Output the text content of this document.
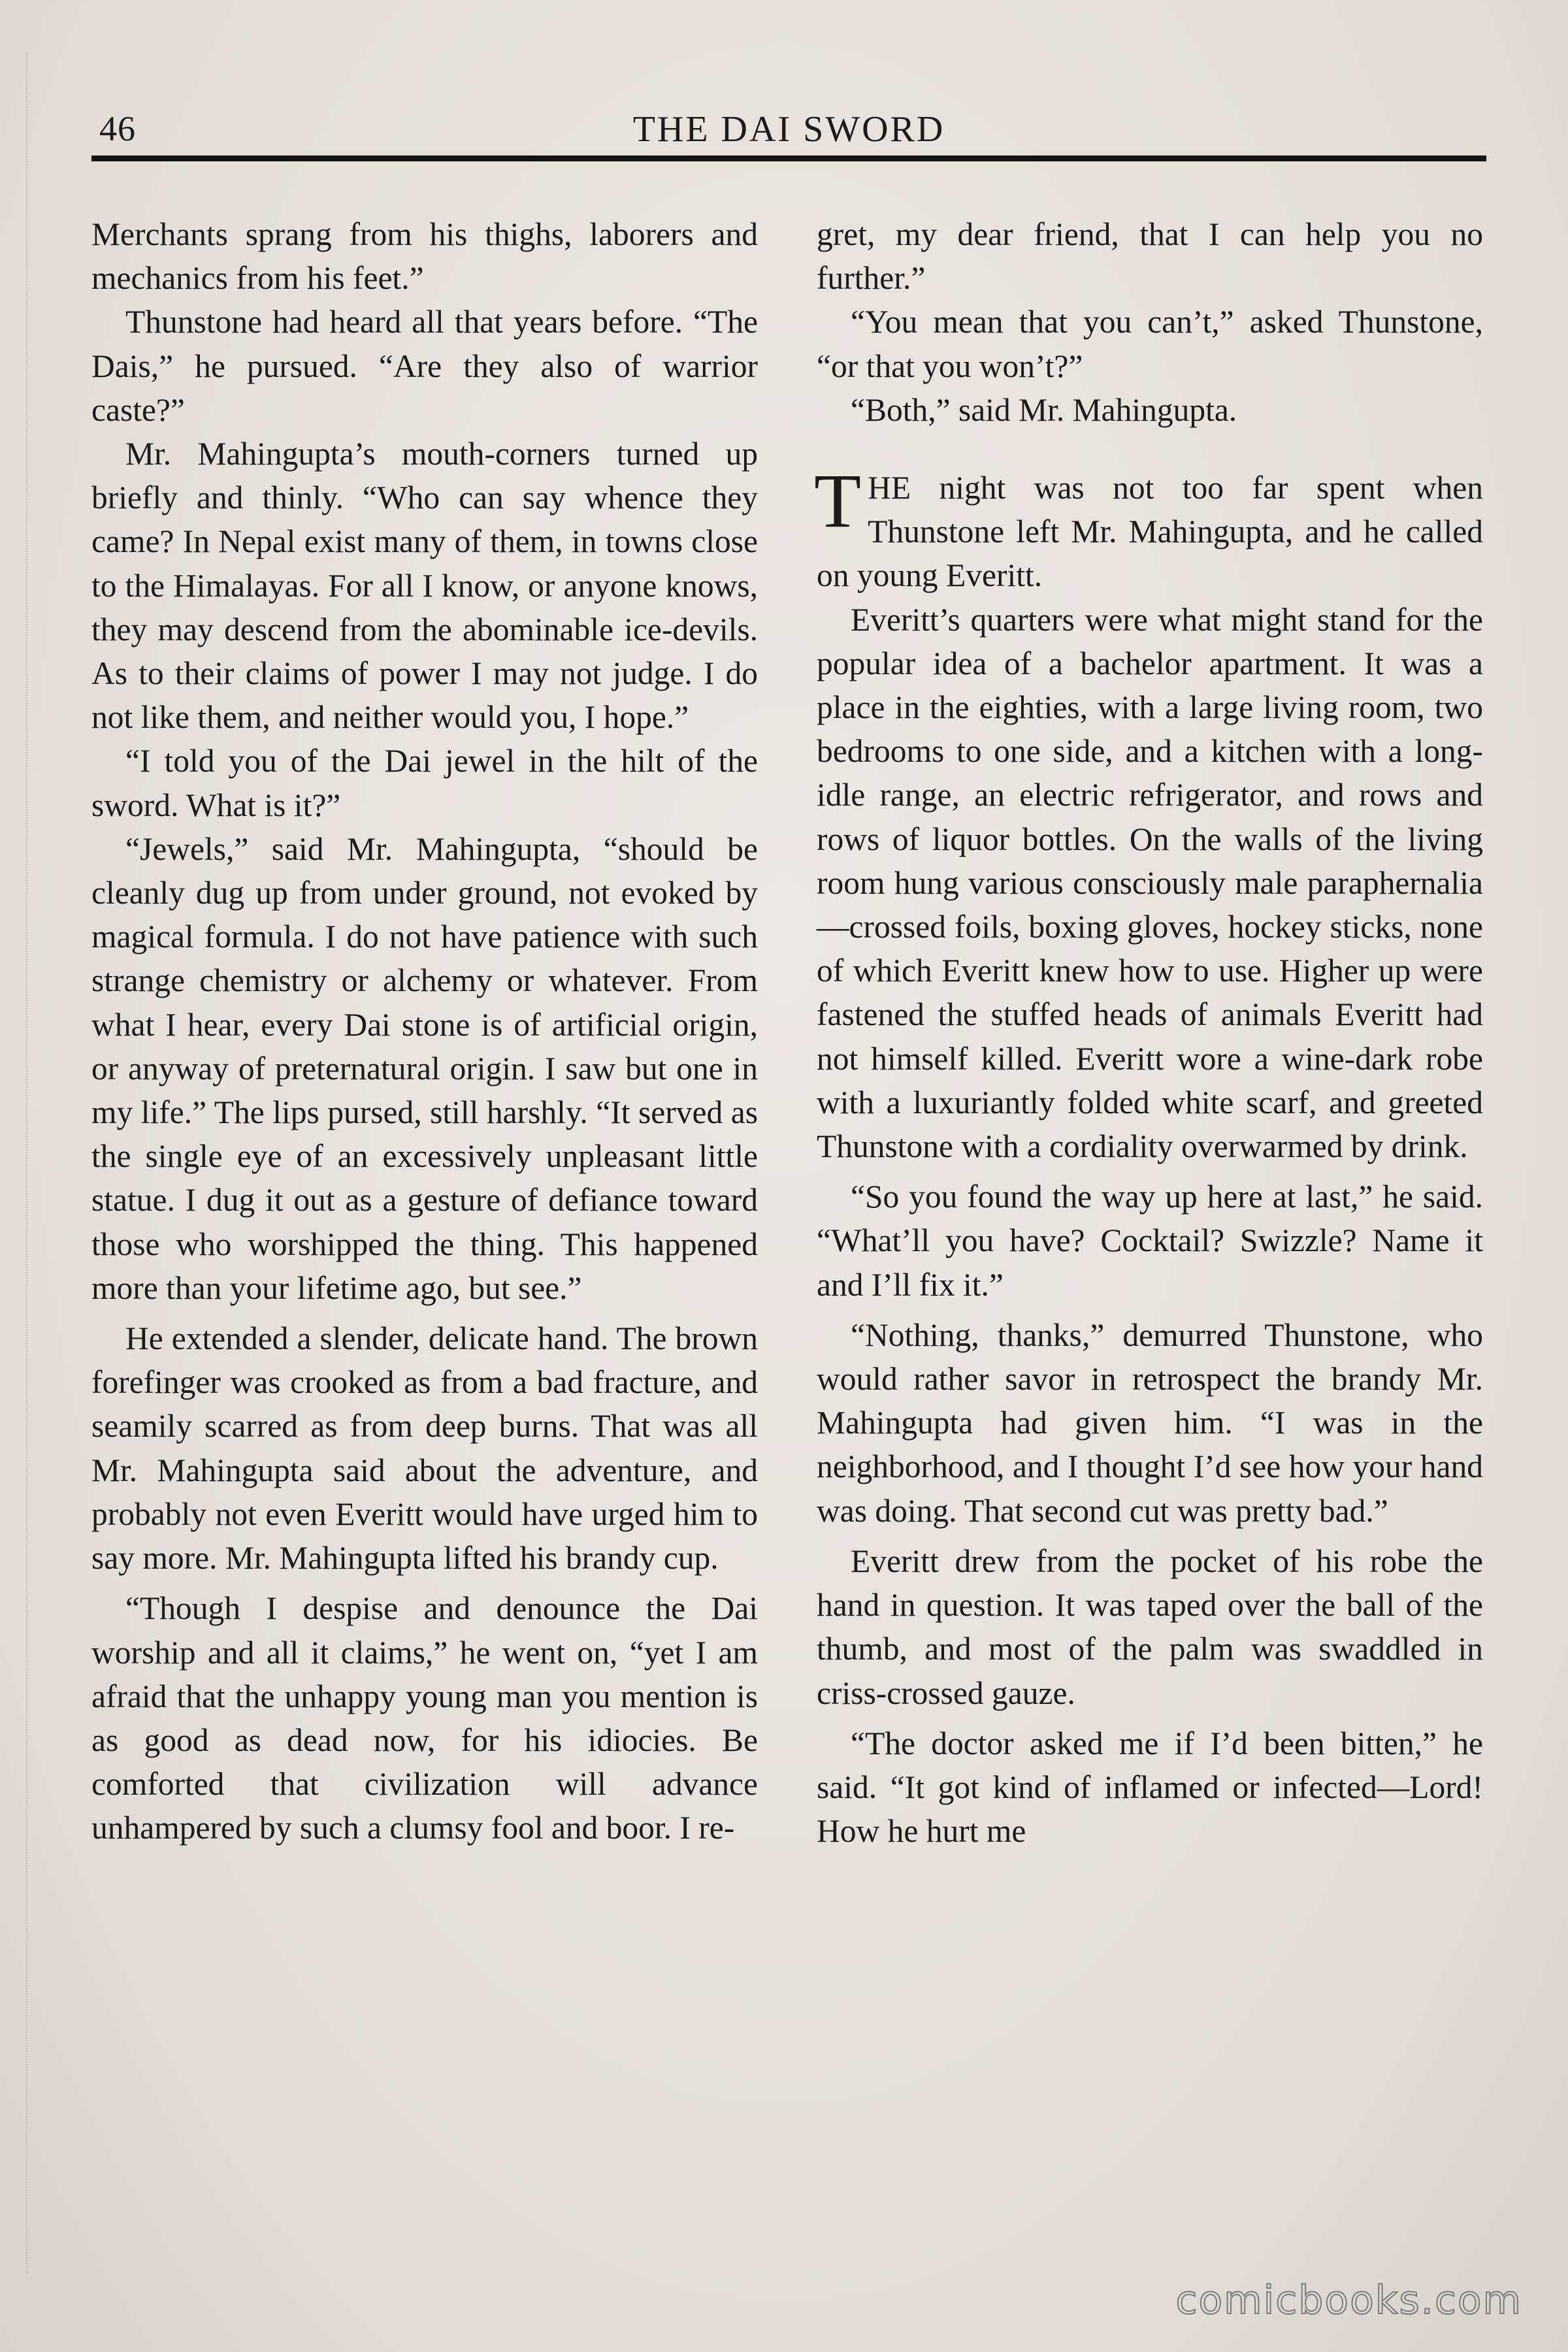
46	THE DAI SWORD

Merchants sprang from his thighs, laborers and mechanics from his feet.”

Thunstone had heard all that years before. “The Dais,” he pursued. “Are they also of warrior caste?”

Mr. Mahingupta’s mouth-corners turned up briefly and thinly. “Who can say whence they came? In Nepal exist many of them, in towns close to the Himalayas. For all I know, or anyone knows, they may descend from the abominable ice-devils. As to their claims of power I may not judge. I do not like them, and neither would you, I hope.”

“I told you of the Dai jewel in the hilt of the sword. What is it?”

“Jewels,” said Mr. Mahingupta, “should be cleanly dug up from under ground, not evoked by magical formula. I do not have patience with such strange chemistry or alchemy or whatever. From what I hear, every Dai stone is of artificial origin, or anyway of preternatural origin. I saw but one in my life.” The lips pursed, still harshly. “It served as the single eye of an excessively unpleasant little statue. I dug it out as a gesture of defiance toward those who worshipped the thing. This happened more than your lifetime ago, but see.”

He extended a slender, delicate hand. The brown forefinger was crooked as from a bad fracture, and seamily scarred as from deep burns. That was all Mr. Mahingupta said about the adventure, and probably not even Everitt would have urged him to say more. Mr. Mahingupta lifted his brandy cup.

“Though I despise and denounce the Dai worship and all it claims,” he went on, “yet I am afraid that the unhappy young man you mention is as good as dead now, for his idiocies. Be comforted that civilization will advance unhampered by such a clumsy fool and boor. I re-

gret, my dear friend, that I can help you no further.”

“You mean that you can’t,” asked Thunstone, “or that you won’t?”

“Both,” said Mr. Mahingupta.

THE night was not too far spent when Thunstone left Mr. Mahingupta, and he called on young Everitt.

Everitt’s quarters were what might stand for the popular idea of a bachelor apartment. It was a place in the eighties, with a large living room, two bedrooms to one side, and a kitchen with a long-idle range, an electric refrigerator, and rows and rows of liquor bottles. On the walls of the living room hung various consciously male paraphernalia—crossed foils, boxing gloves, hockey sticks, none of which Everitt knew how to use. Higher up were fastened the stuffed heads of animals Everitt had not himself killed. Everitt wore a wine-dark robe with a luxuriantly folded white scarf, and greeted Thunstone with a cordiality overwarmed by drink.

“So you found the way up here at last,” he said. “What’ll you have? Cocktail? Swizzle? Name it and I’ll fix it.”

“Nothing, thanks,” demurred Thunstone, who would rather savor in retrospect the brandy Mr. Mahingupta had given him. “I was in the neighborhood, and I thought I’d see how your hand was doing. That second cut was pretty bad.”

Everitt drew from the pocket of his robe the hand in question. It was taped over the ball of the thumb, and most of the palm was swaddled in criss-crossed gauze.

“The doctor asked me if I’d been bitten,” he said. “It got kind of inflamed or infected—Lord! How he hurt me

comicbooks.com
